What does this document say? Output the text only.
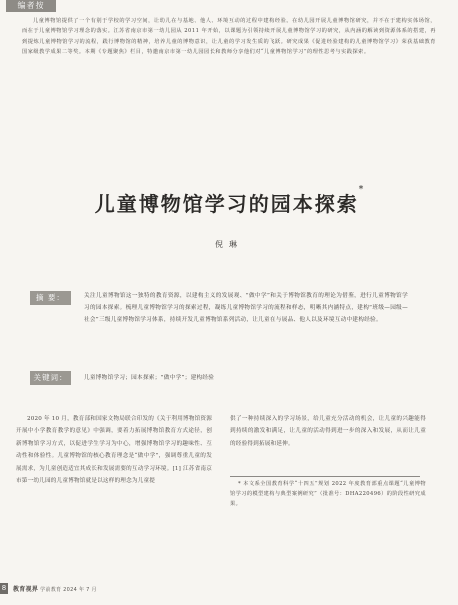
编者按
儿童博物馆提供了一个有别于学校的学习空间，让幼儿在与基地、他人、环境互动的过程中建构经验。在幼儿园开展儿童博物馆研究，并不在于建构实体场馆，而在于儿童博物馆学习理念的落实。江苏省南京市第一幼儿园从 2011 年开始，以课题为引领持续开展儿童博物馆学习的研究，从内涵的解读到资源体系的搭建，再到提炼儿童博物馆学习的流程，践行博物馆的精神，培养儿童的博物意识，让儿童的学习发生质的飞跃。研究成果《促进经验建构的儿童博物馆学习》荣获基础教育国家级教学成果二等奖。本期《专题聚焦》栏目，特邀南京市第一幼儿园园长和教师分享他们对“儿童博物馆学习”的理性思考与实践探索。
儿童博物馆学习的园本探索*
倪琳
摘 要：	关注儿童博物馆这一独特的教育资源，以建构主义的发展观、“做中学”和关于博物馆教育的理论为借鉴，进行儿童博物馆学习的园本探索。梳理儿童博物馆学习的探索过程，凝练儿童博物馆学习的流程和样态，明晰其内涵特点，建构“班级—园级—社会”三级儿童博物馆学习体系，持续开发儿童博物馆系列活动，让儿童在与展品、他人以及环境互动中建构经验。
关键词：	儿童博物馆学习；园本探索；“做中学”；建构经验

2020 年 10 月，教育部和国家文物局联合印发的《关于利用博物馆资源开展中小学教育教学的意见》中强调，要着力拓展博物馆教育方式途径，创新博物馆学习方式，以促进学生学习为中心，增强博物馆学习的趣味性、互动性和体验性。儿童博物馆的核心教育理念是“做中学”，强调尊重儿童的发展需求，为儿童创造适宜其成长和发展需要的互动学习环境。[1] 江苏省南京市第一幼儿园的儿童博物馆就是以这样的理念为儿童提

供了一种持续深入的学习场景，给儿童充分活动的机会，让儿童的兴趣能得到持续的激发和满足，让儿童的活动得到进一步的深入和发展，从而让儿童的经验得到拓展和延伸。

* 本文系全国教育科学“十四五”规划 2022 年度教育部重点课题“儿童博物馆学习的模型建构与典型案例研究”（批准号：DHA220496）的阶段性研究成果。
8 教育视界 学前教育 2024 年 7 月
